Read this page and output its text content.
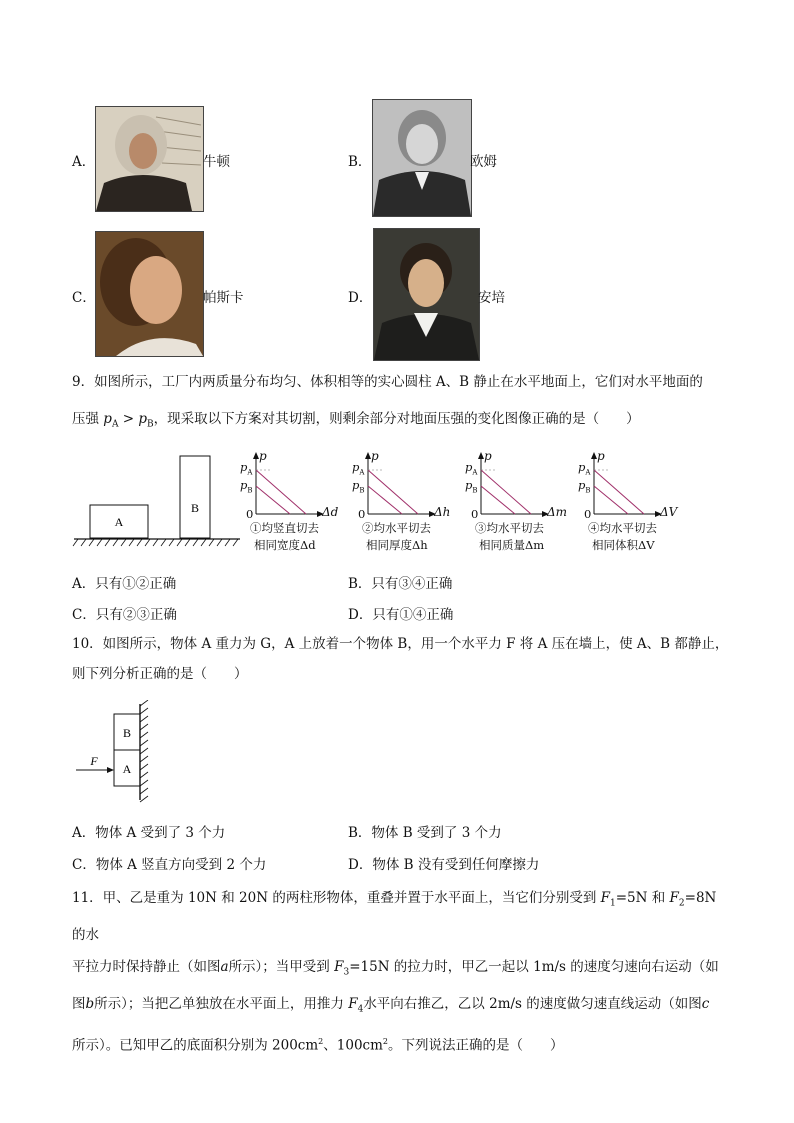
A．	牛顿	B．	欧姆
C．	帕斯卡	D．	安培
9．如图所示，工厂内两质量分布均匀、体积相等的实心圆柱 A、B 静止在水平地面上，它们对水平地面的
压强 $p_A > p_B$，现采取以下方案对其切割，则剩余部分对地面压强的变化图像正确的是（　　）
A
B
p
$p_A$
$p_B$
0	Δd
①均竖直切去
相同宽度Δd
p
$p_A$
$p_B$
0	Δh
②均水平切去
相同厚度Δh
p
$p_A$
$p_B$
0	Δm
③均水平切去
相同质量Δm
p
$p_A$
$p_B$
0	ΔV
④均水平切去
相同体积ΔV
A．只有①②正确	B．只有③④正确
C．只有②③正确	D．只有①④正确
10．如图所示，物体 A 重力为 G，A 上放着一个物体 B，用一个水平力 F 将 A 压在墙上，使 A、B 都静止，
则下列分析正确的是（　　）
F
B
A
A．物体 A 受到了 3 个力	B．物体 B 受到了 3 个力
C．物体 A 竖直方向受到 2 个力	D．物体 B 没有受到任何摩擦力
11．甲、乙是重为 10N 和 20N 的两柱形物体，重叠并置于水平面上，当它们分别受到 $F_1=5N$ 和 $F_2=8N$ 的水
平拉力时保持静止（如图a所示）；当甲受到 $F_3=15N$ 的拉力时，甲乙一起以 1m/s 的速度匀速向右运动（如
图b所示）；当把乙单独放在水平面上，用推力 $F_4$水平向右推乙，乙以 2m/s 的速度做匀速直线运动（如图c
所示）。已知甲乙的底面积分别为 $200cm^2$、$100cm^2$。下列说法正确的是（　　）
